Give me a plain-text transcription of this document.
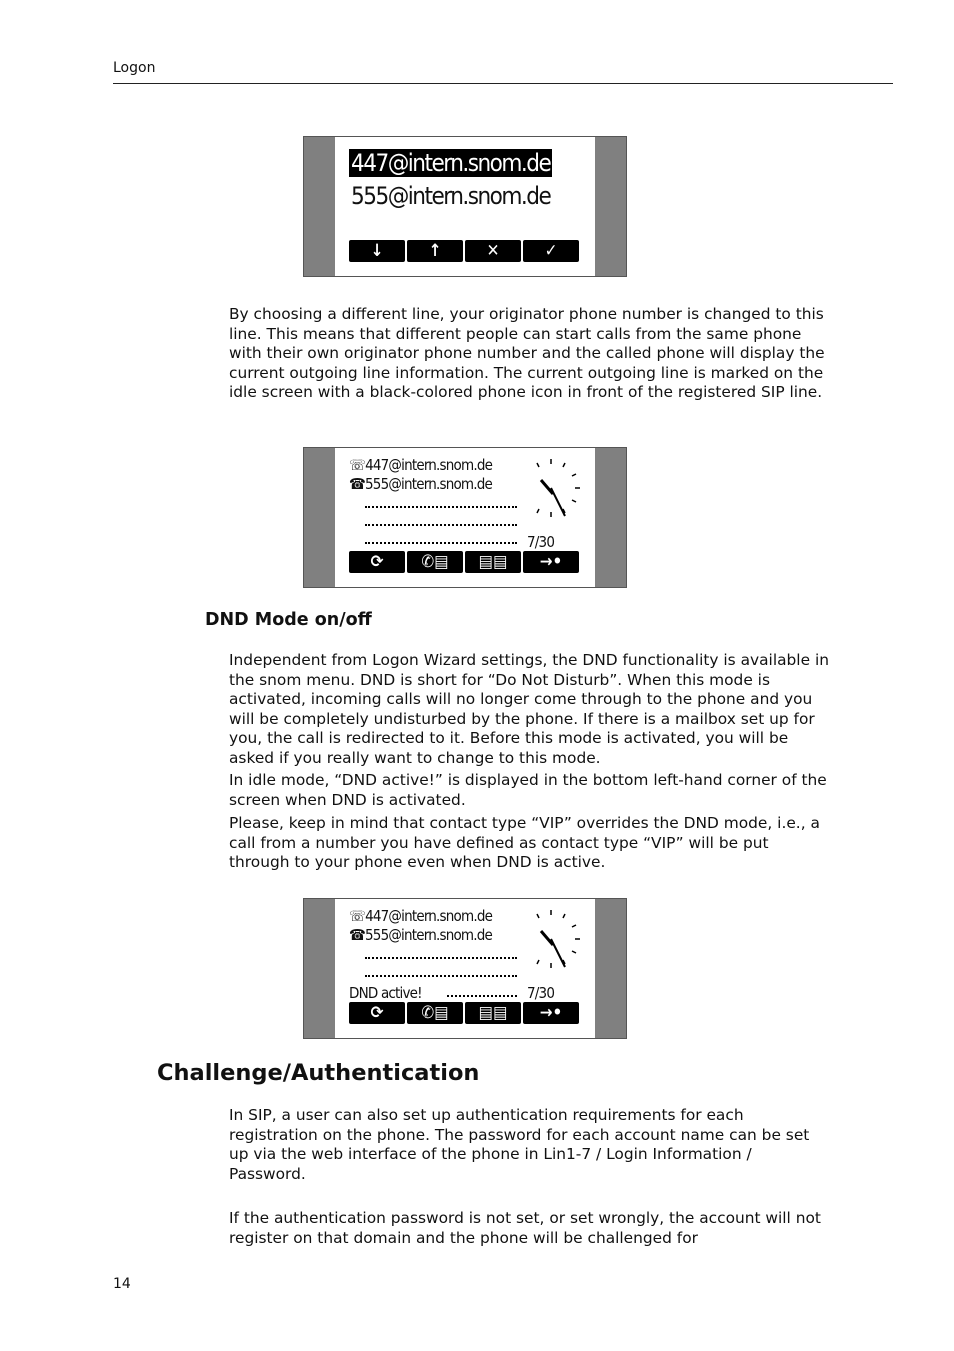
Logon
447@intern.snom.de
555@intern.snom.de
↓	↑	✕	✓

By choosing a different line, your originator phone number is changed to this line. This means that different people can start calls from the same phone with their own originator phone number and the called phone will display the current outgoing line information. The current outgoing line is marked on the idle screen with a black-colored phone icon in front of the registered SIP line.

☏447@intern.snom.de
☎555@intern.snom.de
7/30
⟳	✆▤	▤▤	→•
DND Mode on/off

Independent from Logon Wizard settings, the DND functionality is available in the snom menu. DND is short for “Do Not Disturb”. When this mode is activated, incoming calls will no longer come through to the phone and you will be completely undisturbed by the phone. If there is a mailbox set up for you, the call is redirected to it. Before this mode is activated, you will be asked if you really want to change to this mode.

In idle mode, “DND active!” is displayed in the bottom left-hand corner of the screen when DND is activated.

Please, keep in mind that contact type “VIP” overrides the DND mode, i.e., a call from a number you have defined as contact type “VIP” will be put through to your phone even when DND is active.

☏447@intern.snom.de
☎555@intern.snom.de
DND active!	7/30
⟳	✆▤	▤▤	→•
Challenge/Authentication

In SIP, a user can also set up authentication requirements for each registration on the phone. The password for each account name can be set up via the web interface of the phone in Lin1-7 / Login Information / Password.

If the authentication password is not set, or set wrongly, the account will not register on that domain and the phone will be challenged for

14
